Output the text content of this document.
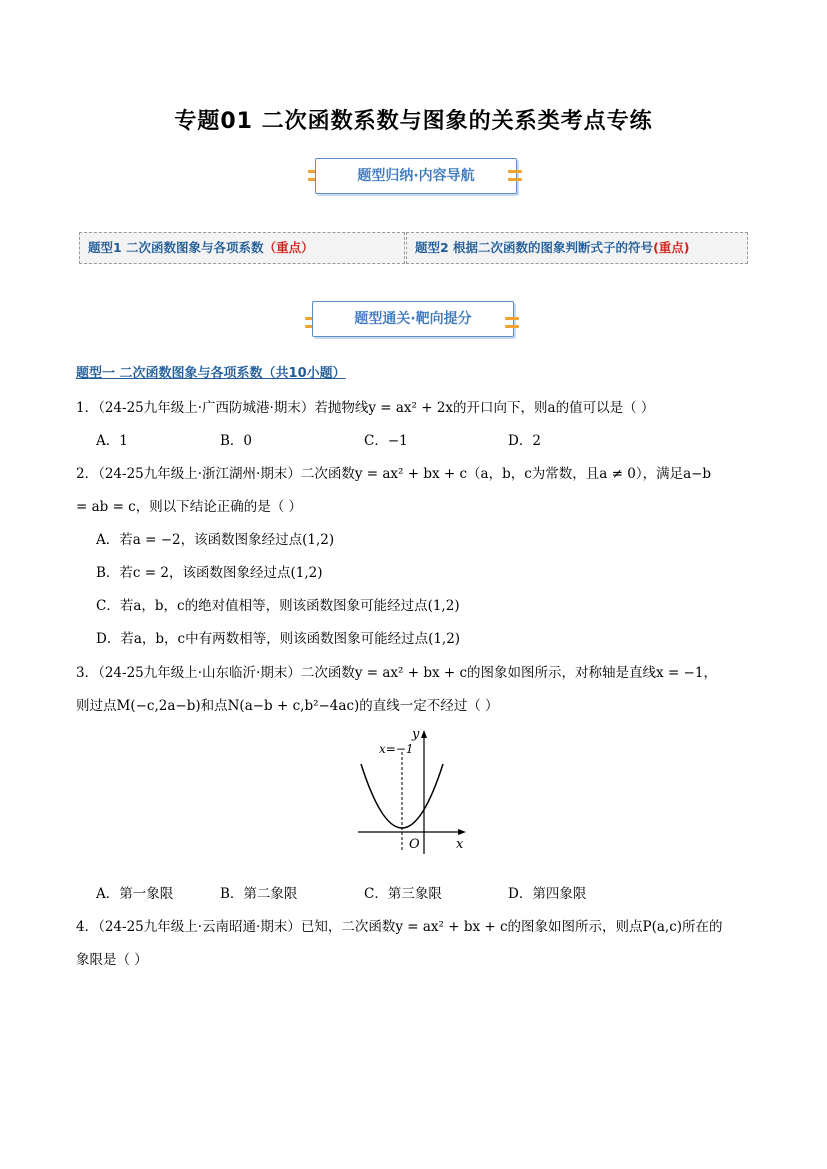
专题01 二次函数系数与图象的关系类考点专练
题型归纳·内容导航
题型1 二次函数图象与各项系数（重点）	题型2 根据二次函数的图象判断式子的符号(重点)
题型通关·靶向提分
题型一 二次函数图象与各项系数（共10小题）
1．（24-25九年级上·广西防城港·期末）若抛物线y = ax² + 2x的开口向下，则a的值可以是（ ）
A．1	B．0	C．−1	D．2
2．（24-25九年级上·浙江湖州·期末）二次函数y = ax² + bx + c（a，b，c为常数，且a ≠ 0），满足a−b
= ab = c，则以下结论正确的是（ ）
A．若a = −2，该函数图象经过点(1,2)
B．若c = 2，该函数图象经过点(1,2)
C．若a，b，c的绝对值相等，则该函数图象可能经过点(1,2)
D．若a，b，c中有两数相等，则该函数图象可能经过点(1,2)
3．（24-25九年级上·山东临沂·期末）二次函数y = ax² + bx + c的图象如图所示，对称轴是直线x = −1，
则过点M(−c,2a−b)和点N(a−b + c,b²−4ac)的直线一定不经过（ ）
x
y
O
x=−1
A．第一象限	B．第二象限	C．第三象限	D．第四象限
4．（24-25九年级上·云南昭通·期末）已知，二次函数y = ax² + bx + c的图象如图所示，则点P(a,c)所在的
象限是（ ）
